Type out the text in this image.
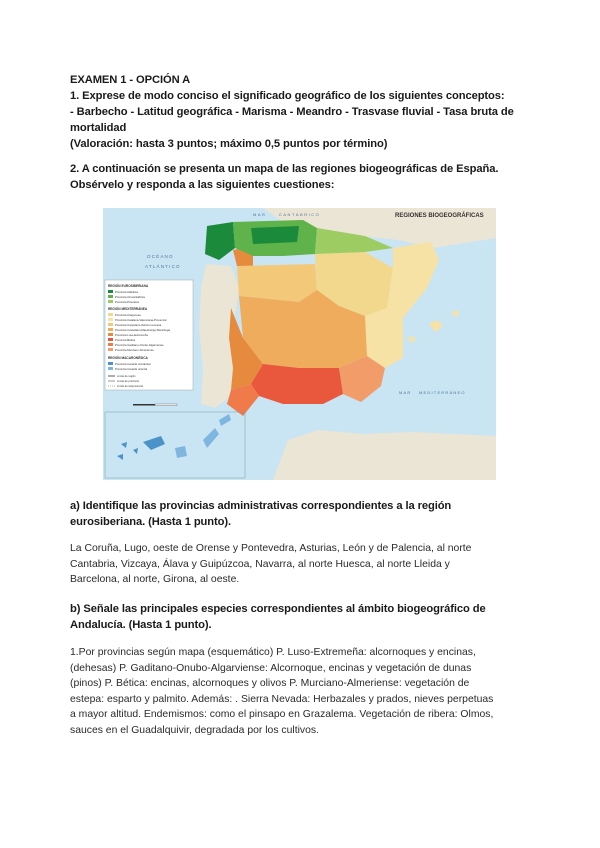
EXAMEN 1 - OPCIÓN A
1. Exprese de modo conciso el significado geográfico de los siguientes conceptos:
- Barbecho - Latitud geográfica - Marisma - Meandro - Trasvase fluvial - Tasa bruta de
mortalidad
(Valoración: hasta 3 puntos; máximo 0,5 puntos por término)
2. A continuación se presenta un mapa de las regiones biogeográficas de España.
Obsérvelo y responda a las siguientes cuestiones:
REGIONES BIOGEOGRÁFICAS
MAR	CANTÁBRICO
OCÉANO
ATLÁNTICO
MAR MEDITERRÁNEO
REGIÓN EUROSIBERIANA
Provincia Atlántica
Provincia Orocantábrica
Provincia Pirenaica
REGIÓN MEDITERRÁNEA
Provincia Aragonesa
Provincia Catalana-Valenciana-Provenzal
Provincia Carpetano-Ibérico-Leonesa
Provincia Castellano-Maestrazgo-Manchega
Provincia Luso-Extremeña
Provincia Bética
Provincia Gaditano-Onubo-Algarviense
Provincia Murciano-Almeriense
REGIÓN MACARONÉSICA
Provincia Canaria occidental
Provincia Canaria oriental
Límite de región
Límite de provincia
Límite de subprovincia
a) Identifique las provincias administrativas correspondientes a la región
eurosiberiana. (Hasta 1 punto).
La Coruña, Lugo, oeste de Orense y Pontevedra, Asturias, León y de Palencia, al norte
Cantabria, Vizcaya, Álava y Guipúzcoa, Navarra, al norte Huesca, al norte Lleida y
Barcelona, al norte, Girona, al oeste.
b) Señale las principales especies correspondientes al ámbito biogeográfico de
Andalucía. (Hasta 1 punto).
1.Por provincias según mapa (esquemático) P. Luso-Extremeña: alcornoques y encinas,
(dehesas) P. Gaditano-Onubo-Algarviense: Alcornoque, encinas y vegetación de dunas
(pinos) P. Bética: encinas, alcornoques y olivos P. Murciano-Almeriense: vegetación de
estepa: esparto y palmito. Además: . Sierra Nevada: Herbazales y prados, nieves perpetuas
a mayor altitud. Endemismos: como el pinsapo en Grazalema. Vegetación de ribera: Olmos,
sauces en el Guadalquivir, degradada por los cultivos.
